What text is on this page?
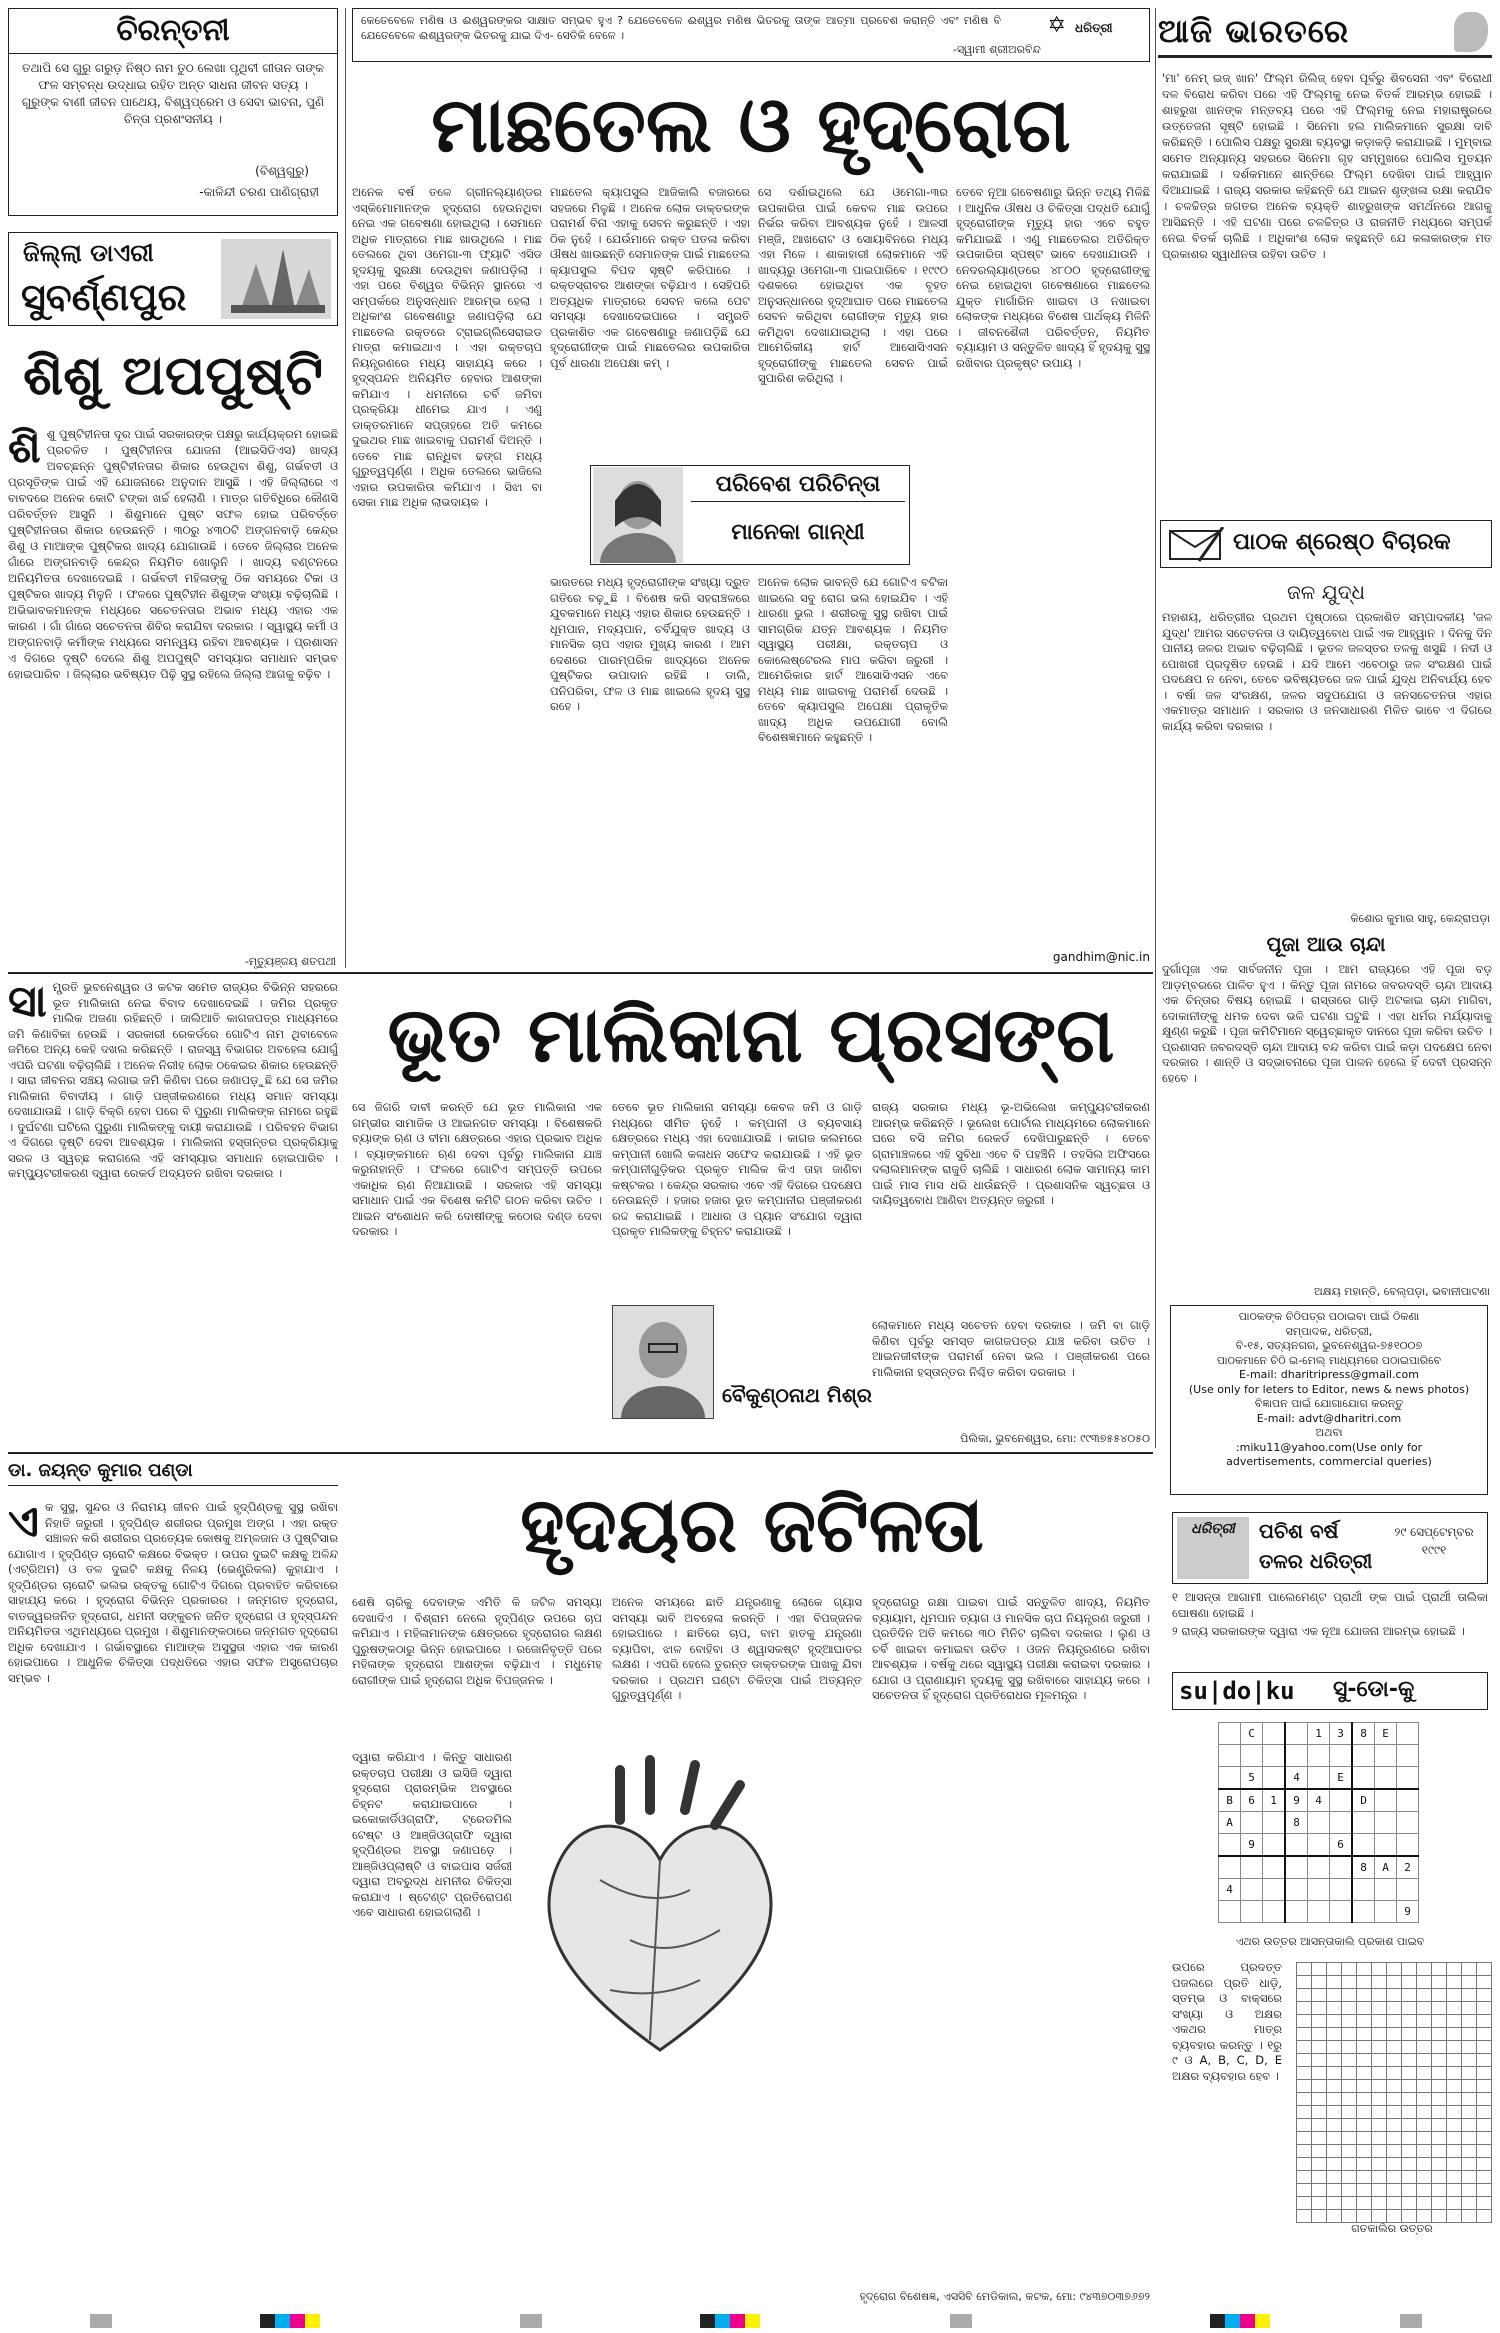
ଚିରନ୍ତନୀ
ତଥାପି ସେ ଗୁରୁ ଗରୁଡ଼ ନିଷ୍ଠ ନାମ ତୁଠ ଲେଖା ପୃଥିବୀ ଗୀତାନ ତାଙ୍କ ଫଳ ସମ୍ବନ୍ଧ ଉଦ୍ଧାଇ ରହିତ ଅନ୍ତ ସାଧନା ଜୀବନ ସତ୍ୟ । ଗୁରୁଙ୍କ ବାଣୀ ଜୀବନ ପାଥେୟ, ବିଶ୍ୱପ୍ରେମ ଓ ସେବା ଭାବନା, ପୁଣି ଚିନ୍ତା ପ୍ରଶଂସନୀୟ ।
(ବିଶ୍ୱଗୁରୁ)
-କାଳିନ୍ଦୀ ଚରଣ ପାଣିଗ୍ରାହୀ
କେତେବେଳେ ମଣିଷ ଓ ଈଶ୍ୱରଙ୍କର ସାକ୍ଷାତ ସମ୍ଭବ ହୁଏ ? ଯେତେବେଳେ ଈଶ୍ୱର ମଣିଷ ଭିତରକୁ ତାଙ୍କ ଆତ୍ମା ପ୍ରବେଶ କରାନ୍ତି ଏବଂ ମଣିଷ ବି ଯେତେବେଳେ ଈଶ୍ୱରଙ୍କ ଭିତରକୁ ଯାଇ ଦିଏ- ସେତିକି ବେଳେ ।
-ସ୍ୱାମୀ ଶ୍ରୀଅରବିନ୍ଦ
✡ ଧରିତ୍ରୀ	ଆଜି ଭାରତରେ
'ମା' ନେମ୍ ଇଜ୍ ଖାନ' ଫିଲ୍ମ ରିଲିଜ୍ ହେବା ପୂର୍ବରୁ ଶିବସେନା ଏବଂ ବିରୋଧୀ ଦଳ ବିରୋଧ କରିବା ପରେ ଏହି ଫିଲ୍ମକୁ ନେଇ ବିତର୍କ ଆରମ୍ଭ ହୋଇଛି । ଶାହରୁଖ ଖାନଙ୍କ ମନ୍ତବ୍ୟ ପରେ ଏହି ଫିଲ୍ମକୁ ନେଇ ମହାରାଷ୍ଟ୍ରରେ ଉତ୍ତେଜନା ସୃଷ୍ଟି ହୋଇଛି । ସିନେମା ହଲ ମାଲିକମାନେ ସୁରକ୍ଷା ଦାବି କରିଛନ୍ତି । ପୋଲିସ ପକ୍ଷରୁ ସୁରକ୍ଷା ବ୍ୟବସ୍ଥା କଡ଼ାକଡ଼ି କରାଯାଇଛି । ମୁମ୍ବାଇ ସମେତ ଅନ୍ୟାନ୍ୟ ସହରରେ ସିନେମା ଗୃହ ସମ୍ମୁଖରେ ପୋଲିସ ମୁତୟନ କରାଯାଇଛି । ଦର୍ଶକମାନେ ଶାନ୍ତିରେ ଫିଲ୍ମ ଦେଖିବା ପାଇଁ ଆହ୍ୱାନ ଦିଆଯାଇଛି । ରାଜ୍ୟ ସରକାର କହିଛନ୍ତି ଯେ ଆଇନ ଶୃଙ୍ଖଳା ରକ୍ଷା କରାଯିବ । ଚଳଚ୍ଚିତ୍ର ଜଗତର ଅନେକ ବ୍ୟକ୍ତି ଶାହରୁଖଙ୍କ ସମର୍ଥନରେ ଆଗକୁ ଆସିଛନ୍ତି । ଏହି ଘଟଣା ପରେ ଚଳଚ୍ଚିତ୍ର ଓ ରାଜନୀତି ମଧ୍ୟରେ ସମ୍ପର୍କ ନେଇ ବିତର୍କ ଚାଲିଛି । ଅଧିକାଂଶ ଲୋକ କହୁଛନ୍ତି ଯେ କଳାକାରଙ୍କ ମତ ପ୍ରକାଶର ସ୍ୱାଧୀନତା ରହିବା ଉଚିତ ।
ଜିଲ୍ଲା ଡାଏରୀ
ସୁବର୍ଣ୍ଣପୁର
ଶିଶୁ ଅପପୁଷ୍ଟି
ଶିଶୁ ପୁଷ୍ଟିହୀନତା ଦୂର ପାଇଁ ସରକାରଙ୍କ ପକ୍ଷରୁ କାର୍ଯ୍ୟକ୍ରମ ହୋଇଛି ପ୍ରଚଳିତ । ପୁଷ୍ଟିହୀନତା ଯୋଜନା (ଆଇସିଡିଏସ) ଖାଦ୍ୟ ଅବଚ୍ଛନ୍ନ ପୁଷ୍ଟିହୀନତାର ଶିକାର ହେଉଥିବା ଶିଶୁ, ଗର୍ଭବତୀ ଓ ପ୍ରସୂତିଙ୍କ ପାଇଁ ଏହି ଯୋଜନାରେ ଅନୁଦାନ ଆସୁଛି । ଏହି ଜିଲ୍ଲାରେ ଏ ବାବଦରେ ଅନେକ କୋଟି ଟଙ୍କା ଖର୍ଚ୍ଚ ହେଲାଣି । ମାତ୍ର ଗତିବିଧିରେ କୌଣସି ପରିବର୍ତ୍ତନ ଆସୁନି । ଶିଶୁମାନେ ପୁଷ୍ଟ ସଫଳ ହୋଇ ପରିବର୍ତ୍ତେ ପୁଷ୍ଟିହୀନତାର ଶିକାର ହେଉଛନ୍ତି । ୩୦ରୁ ୪୩୦ଟି ଅଙ୍ଗନବାଡ଼ି କେନ୍ଦ୍ର ଶିଶୁ ଓ ମାଆଙ୍କ ପୁଷ୍ଟିକର ଖାଦ୍ୟ ଯୋଗାଉଛି । ତେବେ ଜିଲ୍ଲାର ଅନେକ ଗାଁରେ ଅଙ୍ଗନବାଡ଼ି କେନ୍ଦ୍ର ନିୟମିତ ଖୋଲୁନି । ଖାଦ୍ୟ ବଣ୍ଟନରେ ଅନିୟମିତତା ଦେଖାଦେଇଛି । ଗର୍ଭବତୀ ମହିଳାଙ୍କୁ ଠିକ ସମୟରେ ଟିକା ଓ ପୁଷ୍ଟିକର ଖାଦ୍ୟ ମିଳୁନି । ଫଳରେ ପୁଷ୍ଟିହୀନ ଶିଶୁଙ୍କ ସଂଖ୍ୟା ବଢ଼ିଚାଲିଛି । ଅଭିଭାବକମାନଙ୍କ ମଧ୍ୟରେ ସଚେତନତାର ଅଭାବ ମଧ୍ୟ ଏହାର ଏକ କାରଣ । ଗାଁ ଗାଁରେ ସଚେତନତା ଶିବିର କରାଯିବା ଦରକାର । ସ୍ୱାସ୍ଥ୍ୟ କର୍ମୀ ଓ ଅଙ୍ଗନବାଡ଼ି କର୍ମୀଙ୍କ ମଧ୍ୟରେ ସମନ୍ୱୟ ରହିବା ଆବଶ୍ୟକ । ପ୍ରଶାସନ ଏ ଦିଗରେ ଦୃଷ୍ଟି ଦେଲେ ଶିଶୁ ଅପପୁଷ୍ଟି ସମସ୍ୟାର ସମାଧାନ ସମ୍ଭବ ହୋଇପାରିବ । ଜିଲ୍ଲାର ଭବିଷ୍ୟତ ପିଢ଼ି ସୁସ୍ଥ ରହିଲେ ଜିଲ୍ଲା ଆଗକୁ ବଢ଼ିବ ।
-ମୃତ୍ୟୁଞ୍ଜୟ ଶତପଥୀ
ମାଛତେଲ ଓ ହୃଦ୍‌ରୋଗ
ଅନେକ ବର୍ଷ ତଳେ ଗ୍ରୀନଲ୍ୟାଣ୍ଡର ଏସ୍କିମୋମାନଙ୍କ ହୃଦ୍‌ରୋଗ ହେଉନଥିବା ନେଇ ଏକ ଗବେଷଣା ହୋଇଥିଲା । ସେମାନେ ଅଧିକ ମାତ୍ରାରେ ମାଛ ଖାଉଥିଲେ । ମାଛ ତେଲରେ ଥିବା ଓମେଗା-୩ ଫ୍ୟାଟି ଏସିଡ ହୃଦୟକୁ ସୁରକ୍ଷା ଦେଉଥିବା ଜଣାପଡ଼ିଲା । ଏହା ପରେ ବିଶ୍ୱର ବିଭିନ୍ନ ସ୍ଥାନରେ ଏ ସମ୍ପର୍କରେ ଅନୁସନ୍ଧାନ ଆରମ୍ଭ ହେଲା । ଅଧିକାଂଶ ଗବେଷଣାରୁ ଜଣାପଡ଼ିଲା ଯେ ମାଛତେଲ ରକ୍ତରେ ଟ୍ରାଇଗ୍ଲିସେରାଇଡ ମାତ୍ରା କମାଇଥାଏ । ଏହା ରକ୍ତଚାପ ନିୟନ୍ତ୍ରଣରେ ମଧ୍ୟ ସାହାଯ୍ୟ କରେ । ହୃଦ୍‌ସ୍ପନ୍ଦନ ଅନିୟମିତ ହେବାର ଆଶଙ୍କା କମିଯାଏ । ଧମନୀରେ ଚର୍ବି ଜମିବା ପ୍ରକ୍ରିୟା ଧୀମେଇ ଯାଏ । ଏଣୁ ଡାକ୍ତରମାନେ ସପ୍ତାହରେ ଅତି କମରେ ଦୁଇଥର ମାଛ ଖାଇବାକୁ ପରାମର୍ଶ ଦିଅନ୍ତି । ତେବେ ମାଛ ରାନ୍ଧିବା ଢଙ୍ଗ ମଧ୍ୟ ଗୁରୁତ୍ୱପୂର୍ଣ୍ଣ । ଅଧିକ ତେଲରେ ଭାଜିଲେ ଏହାର ଉପକାରିତା କମିଯାଏ । ସିଝା ବା ସେକା ମାଛ ଅଧିକ ଲାଭଦାୟକ ।
ମାଛତେଲ କ୍ୟାପସୁଲ ଆଜିକାଲି ବଜାରରେ ସହଜରେ ମିଳୁଛି । ଅନେକ ଲୋକ ଡାକ୍ତରଙ୍କ ପରାମର୍ଶ ବିନା ଏହାକୁ ସେବନ କରୁଛନ୍ତି । ଏହା ଠିକ ନୁହେଁ । ଯେଉଁମାନେ ରକ୍ତ ପତଳା କରିବା ଔଷଧ ଖାଉଛନ୍ତି ସେମାନଙ୍କ ପାଇଁ ମାଛତେଲ କ୍ୟାପସୁଲ ବିପଦ ସୃଷ୍ଟି କରିପାରେ । ରକ୍ତସ୍ରାବର ଆଶଙ୍କା ବଢ଼ିଯାଏ । ସେହିପରି ଅତ୍ୟଧିକ ମାତ୍ରାରେ ସେବନ କଲେ ପେଟ ସମସ୍ୟା ଦେଖାଦେଇପାରେ । ସମ୍ପ୍ରତି ପ୍ରକାଶିତ ଏକ ଗବେଷଣାରୁ ଜଣାପଡ଼ିଛି ଯେ ହୃଦ୍‌ରୋଗୀଙ୍କ ପାଇଁ ମାଛତେଲର ଉପକାରିତା ପୂର୍ବ ଧାରଣା ଅପେକ୍ଷା କମ୍ ।
ସେ ଦର୍ଶାଇଥିଲେ ଯେ ଓମେଗା-୩ର ଉପକାରିତା ପାଇଁ କେବଳ ମାଛ ଉପରେ ନିର୍ଭର କରିବା ଆବଶ୍ୟକ ନୁହେଁ । ଆଳସୀ ମଞ୍ଜି, ଆଖରୋଟ ଓ ସୋୟାବିନରେ ମଧ୍ୟ ଏହା ମିଳେ । ଶାକାହାରୀ ଲୋକମାନେ ଏହି ଖାଦ୍ୟରୁ ଓମେଗା-୩ ପାଇପାରିବେ । ୧୯୯୦ ଦଶକରେ ହୋଇଥିବା ଏକ ବୃହତ ଅନୁସନ୍ଧାନରେ ହୃଦ୍‌ଆଘାତ ପରେ ମାଛତେଲ ସେବନ କରିଥିବା ରୋଗୀଙ୍କ ମୃତ୍ୟୁ ହାର କମିଥିବା ଦେଖାଯାଇଥିଲା । ଏହା ପରେ ଆମେରିକୀୟ ହାର୍ଟ ଆସୋସିଏସନ ହୃଦ୍‌ରୋଗୀଙ୍କୁ ମାଛତେଲ ସେବନ ପାଇଁ ସୁପାରିଶ କରିଥିଲା ।
ତେବେ ନୂଆ ଗବେଷଣାରୁ ଭିନ୍ନ ତଥ୍ୟ ମିଳିଛି । ଆଧୁନିକ ଔଷଧ ଓ ଚିକିତ୍ସା ପଦ୍ଧତି ଯୋଗୁଁ ହୃଦ୍‌ରୋଗୀଙ୍କ ମୃତ୍ୟୁ ହାର ଏବେ ବହୁତ କମିଯାଇଛି । ଏଣୁ ମାଛତେଲର ଅତିରିକ୍ତ ଉପକାରିତା ସ୍ପଷ୍ଟ ଭାବେ ଦେଖାଯାଉନି । ନେଦରଲ୍ୟାଣ୍ଡରେ ୪୮୦୦ ହୃଦ୍‌ରୋଗୀଙ୍କୁ ନେଇ ହୋଇଥିବା ଗବେଷଣାରେ ମାଛତେଲ ଯୁକ୍ତ ମାର୍ଗାରିନ ଖାଇବା ଓ ନଖାଇବା ଲୋକଙ୍କ ମଧ୍ୟରେ ବିଶେଷ ପାର୍ଥକ୍ୟ ମିଳିନି । ଜୀବନଶୈଳୀ ପରିବର୍ତ୍ତନ, ନିୟମିତ ବ୍ୟାୟାମ ଓ ସନ୍ତୁଳିତ ଖାଦ୍ୟ ହିଁ ହୃଦୟକୁ ସୁସ୍ଥ ରଖିବାର ପ୍ରକୃଷ୍ଟ ଉପାୟ ।
ପରିବେଶ ପରିଚିନ୍ତା
ମାନେକା ଗାନ୍ଧୀ
ଭାରତରେ ମଧ୍ୟ ହୃଦ୍‌ରୋଗୀଙ୍କ ସଂଖ୍ୟା ଦ୍ରୁତ ଗତିରେ ବଢ଼ୁଛି । ବିଶେଷ କରି ସହରାଞ୍ଚଳରେ ଯୁବକମାନେ ମଧ୍ୟ ଏହାର ଶିକାର ହେଉଛନ୍ତି । ଧୂମପାନ, ମଦ୍ୟପାନ, ଚର୍ବିଯୁକ୍ତ ଖାଦ୍ୟ ଓ ମାନସିକ ଚାପ ଏହାର ମୁଖ୍ୟ କାରଣ । ଆମ ଦେଶରେ ପାରମ୍ପରିକ ଖାଦ୍ୟରେ ଅନେକ ପୁଷ୍ଟିକର ଉପାଦାନ ରହିଛି । ଡାଲି, ପନିପରିବା, ଫଳ ଓ ମାଛ ଖାଇଲେ ହୃଦୟ ସୁସ୍ଥ ରହେ ।
ଅନେକ ଲୋକ ଭାବନ୍ତି ଯେ ଗୋଟିଏ ବଟିକା ଖାଇଲେ ସବୁ ରୋଗ ଭଲ ହୋଇଯିବ । ଏହି ଧାରଣା ଭୁଲ । ଶରୀରକୁ ସୁସ୍ଥ ରଖିବା ପାଇଁ ସାମଗ୍ରିକ ଯତ୍ନ ଆବଶ୍ୟକ । ନିୟମିତ ସ୍ୱାସ୍ଥ୍ୟ ପରୀକ୍ଷା, ରକ୍ତଚାପ ଓ କୋଲେଷ୍ଟେରଲ ମାପ କରିବା ଜରୁରୀ । ଆମେରିକାର ହାର୍ଟ ଆସୋସିଏସନ ଏବେ ମଧ୍ୟ ମାଛ ଖାଇବାକୁ ପରାମର୍ଶ ଦେଉଛି । ତେବେ କ୍ୟାପସୁଲ ଅପେକ୍ଷା ପ୍ରାକୃତିକ ଖାଦ୍ୟ ଅଧିକ ଉପଯୋଗୀ ବୋଲି ବିଶେଷଜ୍ଞମାନେ କହୁଛନ୍ତି ।
gandhim@nic.in
ପାଠକ ଶ୍ରେଷ୍ଠ ବିଚାରକ
ଜଳ ଯୁଦ୍ଧ
ମହାଶୟ, ଧରିତ୍ରୀର ପ୍ରଥମ ପୃଷ୍ଠାରେ ପ୍ରକାଶିତ ସମ୍ପାଦକୀୟ 'ଜଳ ଯୁଦ୍ଧ' ଆମର ସଚେତନତା ଓ ଦାୟିତ୍ୱବୋଧ ପାଇଁ ଏକ ଆହ୍ୱାନ । ଦିନକୁ ଦିନ ପାନୀୟ ଜଳର ଅଭାବ ବଢ଼ିଚାଲିଛି । ଭୂତଳ ଜଳସ୍ତର ତଳକୁ ଖସୁଛି । ନଦୀ ଓ ପୋଖରୀ ପ୍ରଦୂଷିତ ହେଉଛି । ଯଦି ଆମେ ଏବେଠାରୁ ଜଳ ସଂରକ୍ଷଣ ପାଇଁ ପଦକ୍ଷେପ ନ ନେବା, ତେବେ ଭବିଷ୍ୟତରେ ଜଳ ପାଇଁ ଯୁଦ୍ଧ ଅନିବାର୍ଯ୍ୟ ହେବ । ବର୍ଷା ଜଳ ସଂରକ୍ଷଣ, ଜଳର ସଦୁପଯୋଗ ଓ ଜନସଚେତନତା ଏହାର ଏକମାତ୍ର ସମାଧାନ । ସରକାର ଓ ଜନସାଧାରଣ ମିଳିତ ଭାବେ ଏ ଦିଗରେ କାର୍ଯ୍ୟ କରିବା ଦରକାର ।
କିଶୋର କୁମାର ସାହୁ, କେନ୍ଦ୍ରାପଡ଼ା
ପୂଜା ଆଉ ଚାନ୍ଦା
ଦୁର୍ଗାପୂଜା ଏକ ସାର୍ବଜନୀନ ପୂଜା । ଆମ ରାଜ୍ୟରେ ଏହି ପୂଜା ବଡ଼ ଆଡ଼ମ୍ବରରେ ପାଳିତ ହୁଏ । କିନ୍ତୁ ପୂଜା ନାମରେ ଜବରଦସ୍ତି ଚାନ୍ଦା ଆଦାୟ ଏକ ଚିନ୍ତାର ବିଷୟ ହୋଇଛି । ରାସ୍ତାରେ ଗାଡ଼ି ଅଟକାଇ ଚାନ୍ଦା ମାଗିବା, ଦୋକାନୀଙ୍କୁ ଧମକ ଦେବା ଭଳି ଘଟଣା ଘଟୁଛି । ଏହା ଧର୍ମର ମର୍ଯ୍ୟାଦାକୁ କ୍ଷୁଣ୍ଣ କରୁଛି । ପୂଜା କମିଟିମାନେ ସ୍ୱେଚ୍ଛାକୃତ ଦାନରେ ପୂଜା କରିବା ଉଚିତ । ପ୍ରଶାସନ ଜବରଦସ୍ତି ଚାନ୍ଦା ଆଦାୟ ବନ୍ଦ କରିବା ପାଇଁ କଡ଼ା ପଦକ୍ଷେପ ନେବା ଦରକାର । ଶାନ୍ତି ଓ ସଦ୍ଭାବନାରେ ପୂଜା ପାଳନ ହେଲେ ହିଁ ଦେବୀ ପ୍ରସନ୍ନ ହେବେ ।
ଅକ୍ଷୟ ମହାନ୍ତି, ବେଲ୍‌ପଡ଼ା, ଭବାନୀପାଟଣା
ପାଠକଙ୍କ ଚିଠିପତ୍ର ପଠାଇବା ପାଇଁ ଠିକଣା
ସମ୍ପାଦକ, ଧରିତ୍ରୀ,
ବି-୧୫, ସତ୍ୟନଗର, ଭୁବନେଶ୍ୱର-୭୫୧୦୦୭
ପାଠକମାନେ ଚିଠି ଇ-ମେଲ୍ ମାଧ୍ୟମରେ ପଠାଇପାରିବେ
E-mail: dharitripress@gmail.com
(Use only for leters to Editor, news & news photos)
ବିଜ୍ଞାପନ ପାଇଁ ଯୋଗାଯୋଗ କରନ୍ତୁ
E-mail: advt@dharitri.com
ଅଥବା
:miku11@yahoo.com(Use only for
advertisements, commercial queries)
ଧରିତ୍ରୀ	ପଚିଶ ବର୍ଷ
ତଳର ଧରିତ୍ରୀ
୨୯ ସେପ୍ଟେମ୍ବର ୧୯୯୧
୧ ଆସନ୍ତା ଆଗାମୀ ପାଲେମେଣ୍ଟ ପ୍ରାର୍ଥୀ ଙ୍କ ପାଇଁ ପ୍ରାର୍ଥୀ ତାଲିକା ଘୋଷଣା ହୋଇଛି ।
୨ ରାଜ୍ୟ ସରକାରଙ୍କ ଦ୍ୱାରା ଏକ ନୂଆ ଯୋଜନା ଆରମ୍ଭ ହୋଇଛି ।
su|do|ku ସୁ-ଡୋ-କୁ
	C			1	3	8	E	

	5		4		E			
B	6	1	9	4		D		
A			8					
	9				6			
						8	A	2
4								
								9
ଏଥର ଉତ୍ତର ଆସନ୍ତାକାଲି ପ୍ରକାଶ ପାଇବ
ଉପରେ ପ୍ରଦତ୍ତ ପଜଲରେ ପ୍ରତି ଧାଡ଼ି, ସ୍ତମ୍ଭ ଓ ବାକ୍ସରେ ସଂଖ୍ୟା ଓ ଅକ୍ଷର ଏକଥର ମାତ୍ର ବ୍ୟବହାର କରନ୍ତୁ । ୧ରୁ ୯ ଓ A, B, C, D, E ଅକ୍ଷର ବ୍ୟବହାର ହେବ ।

ଗତକାଲିର ଉତ୍ତର
ସାମ୍ପ୍ରତି ଭୁବନେଶ୍ୱର ଓ କଟକ ସମେତ ରାଜ୍ୟର ବିଭିନ୍ନ ସହରରେ ଭୂତ ମାଲିକାନା ନେଇ ବିବାଦ ଦେଖାଦେଇଛି । ଜମିର ପ୍ରକୃତ ମାଲିକ ଅଜଣା ରହିଛନ୍ତି । ଜାଲିଆତି କାଗଜପତ୍ର ମାଧ୍ୟମରେ ଜମି କିଣାବିକା ହେଉଛି । ସରକାରୀ ରେକର୍ଡରେ ଗୋଟିଏ ନାମ ଥିବାବେଳେ ଜମିରେ ଅନ୍ୟ କେହି ଦଖଲ କରିଛନ୍ତି । ରାଜସ୍ୱ ବିଭାଗର ଅବହେଳା ଯୋଗୁଁ ଏପରି ଘଟଣା ବଢ଼ିଚାଲିଛି । ଅନେକ ନିରୀହ ଲୋକ ଠକେଇର ଶିକାର ହେଉଛନ୍ତି । ସାରା ଜୀବନର ସଞ୍ଚୟ ଲଗାଇ ଜମି କିଣିବା ପରେ ଜଣାପଡ଼ୁଛି ଯେ ସେ ଜମିର ମାଲିକାନା ବିବାଦୀୟ । ଗାଡ଼ି ପଞ୍ଜୀକରଣରେ ମଧ୍ୟ ସମାନ ସମସ୍ୟା ଦେଖାଯାଉଛି । ଗାଡ଼ି ବିକ୍ରି ହେବା ପରେ ବି ପୁରୁଣା ମାଲିକଙ୍କ ନାମରେ ରହୁଛି । ଦୁର୍ଘଟଣା ଘଟିଲେ ପୁରୁଣା ମାଲିକଙ୍କୁ ଦାୟୀ କରାଯାଉଛି । ପରିବହନ ବିଭାଗ ଏ ଦିଗରେ ଦୃଷ୍ଟି ଦେବା ଆବଶ୍ୟକ । ମାଲିକାନା ହସ୍ତାନ୍ତର ପ୍ରକ୍ରିୟାକୁ ସରଳ ଓ ସ୍ୱଚ୍ଛ କରାଗଲେ ଏହି ସମସ୍ୟାର ସମାଧାନ ହୋଇପାରିବ । କମ୍ପ୍ୟୁଟରୀକରଣ ଦ୍ୱାରା ରେକର୍ଡ ଅଦ୍ୟତନ ରଖିବା ଦରକାର ।
ଭୂତ ମାଲିକାନା ପ୍ରସଙ୍ଗ
ସେ ଜିଗରି ଦାବୀ କରନ୍ତି ଯେ ଭୂତ ମାଲିକାନା ଏକ ଗମ୍ଭୀର ସାମାଜିକ ଓ ଆଇନଗତ ସମସ୍ୟା । ବିଶେଷକରି ବ୍ୟାଙ୍କ ଋଣ ଓ ବୀମା କ୍ଷେତ୍ରରେ ଏହାର ପ୍ରଭାବ ଅଧିକ । ବ୍ୟାଙ୍କମାନେ ଋଣ ଦେବା ପୂର୍ବରୁ ମାଲିକାନା ଯାଞ୍ଚ କରୁନାହାନ୍ତି । ଫଳରେ ଗୋଟିଏ ସମ୍ପତ୍ତି ଉପରେ ଏକାଧିକ ଋଣ ନିଆଯାଉଛି । ସରକାର ଏହି ସମସ୍ୟା ସମାଧାନ ପାଇଁ ଏକ ବିଶେଷ କମିଟି ଗଠନ କରିବା ଉଚିତ । ଆଇନ ସଂଶୋଧନ କରି ଦୋଷୀଙ୍କୁ କଠୋର ଦଣ୍ଡ ଦେବା ଦରକାର ।
ତେବେ ଭୂତ ମାଲିକାନା ସମସ୍ୟା କେବଳ ଜମି ଓ ଗାଡ଼ି ମଧ୍ୟରେ ସୀମିତ ନୁହେଁ । କମ୍ପାନୀ ଓ ବ୍ୟବସାୟ କ୍ଷେତ୍ରରେ ମଧ୍ୟ ଏହା ଦେଖାଯାଉଛି । କାଗଜ କଲମରେ କମ୍ପାନୀ ଖୋଲି କଳାଧନ ସଫେଦ କରାଯାଉଛି । ଏହି ଭୂତ କମ୍ପାନୀଗୁଡ଼ିକର ପ୍ରକୃତ ମାଲିକ କିଏ ତାହା ଜାଣିବା କଷ୍ଟକର । କେନ୍ଦ୍ର ସରକାର ଏବେ ଏହି ଦିଗରେ ପଦକ୍ଷେପ ନେଉଛନ୍ତି । ହଜାର ହଜାର ଭୂତ କମ୍ପାନୀର ପଞ୍ଜୀକରଣ ରଦ୍ଦ କରାଯାଇଛି । ଆଧାର ଓ ପ୍ୟାନ ସଂଯୋଗ ଦ୍ୱାରା ପ୍ରକୃତ ମାଲିକଙ୍କୁ ଚିହ୍ନଟ କରାଯାଉଛି ।
ରାଜ୍ୟ ସରକାର ମଧ୍ୟ ଭୂ-ଅଭିଲେଖ କମ୍ପ୍ୟୁଟରୀକରଣ ଆରମ୍ଭ କରିଛନ୍ତି । ଭୂଲେଖ ପୋର୍ଟାଲ ମାଧ୍ୟମରେ ଲୋକମାନେ ଘରେ ବସି ଜମିର ରେକର୍ଡ ଦେଖିପାରୁଛନ୍ତି । ତେବେ ଗ୍ରାମାଞ୍ଚଳରେ ଏହି ସୁବିଧା ଏବେ ବି ପହଞ୍ଚିନି । ତହସିଲ ଅଫିସରେ ଦଲାଲମାନଙ୍କ ରାଜୁତି ଚାଲିଛି । ସାଧାରଣ ଲୋକ ସାମାନ୍ୟ କାମ ପାଇଁ ମାସ ମାସ ଧରି ଧାଉଁଛନ୍ତି । ପ୍ରଶାସନିକ ସ୍ୱଚ୍ଛତା ଓ ଦାୟିତ୍ୱବୋଧ ଆଣିବା ଅତ୍ୟନ୍ତ ଜରୁରୀ ।
ବୈକୁଣ୍ଠନାଥ ମିଶ୍ର
ଲୋକମାନେ ମଧ୍ୟ ସଚେତନ ହେବା ଦରକାର । ଜମି ବା ଗାଡ଼ି କିଣିବା ପୂର୍ବରୁ ସମସ୍ତ କାଗଜପତ୍ର ଯାଞ୍ଚ କରିବା ଉଚିତ । ଆଇନଜୀବୀଙ୍କ ପରାମର୍ଶ ନେବା ଭଲ । ପଞ୍ଜୀକରଣ ପରେ ମାଲିକାନା ହସ୍ତାନ୍ତର ନିଶ୍ଚିତ କରିବା ଦରକାର ।
ପିଲିକା, ଭୁବନେଶ୍ୱର, ମୋ: ୯୯୩୭୫୫୪୦୫୦
ଡା. ଜୟନ୍ତ କୁମାର ପଣ୍ଡା
ଏକ ସୁସ୍ଥ, ସୁନ୍ଦର ଓ ନିରାମୟ ଜୀବନ ପାଇଁ ହୃଦ୍‌ପିଣ୍ଡକୁ ସୁସ୍ଥ ରଖିବା ନିହାତି ଜରୁରୀ । ହୃଦ୍‌ପିଣ୍ଡ ଶରୀରର ପ୍ରମୁଖ ଅଙ୍ଗ । ଏହା ରକ୍ତ ସଞ୍ଚାଳନ କରି ଶରୀରର ପ୍ରତ୍ୟେକ କୋଷକୁ ଅମ୍ଳଜାନ ଓ ପୁଷ୍ଟିସାର ଯୋଗାଏ । ହୃଦ୍‌ପିଣ୍ଡ ଚାରୋଟି କକ୍ଷରେ ବିଭକ୍ତ । ଉପର ଦୁଇଟି କକ୍ଷକୁ ଅଳିନ୍ଦ (ଏଟ୍ରିଅମ) ଓ ତଳ ଦୁଇଟି କକ୍ଷକୁ ନିଳୟ (ଭେଣ୍ଟ୍ରିକଲ) କୁହାଯାଏ । ହୃଦ୍‌ପିଣ୍ଡର ଚାରୋଟି ଭଲଭ ରକ୍ତକୁ ଗୋଟିଏ ଦିଗରେ ପ୍ରବାହିତ କରିବାରେ ସାହାଯ୍ୟ କରେ । ହୃଦ୍‌ରୋଗ ବିଭିନ୍ନ ପ୍ରକାରର । ଜନ୍ମଗତ ହୃଦ୍‌ରୋଗ, ବାତଜ୍ୱରଜନିତ ହୃଦ୍‌ରୋଗ, ଧମନୀ ସଙ୍କୁଚନ ଜନିତ ହୃଦ୍‌ରୋଗ ଓ ହୃଦ୍‌ସ୍ପନ୍ଦନ ଅନିୟମିତତା ଏଥିମଧ୍ୟରେ ପ୍ରମୁଖ । ଶିଶୁମାନଙ୍କଠାରେ ଜନ୍ମଗତ ହୃଦ୍‌ରୋଗ ଅଧିକ ଦେଖାଯାଏ । ଗର୍ଭାବସ୍ଥାରେ ମାଆଙ୍କ ଅସୁସ୍ଥତା ଏହାର ଏକ କାରଣ ହୋଇପାରେ । ଆଧୁନିକ ଚିକିତ୍ସା ପଦ୍ଧତିରେ ଏହାର ସଫଳ ଅସ୍ତ୍ରୋପଚାର ସମ୍ଭବ ।
ହୃଦୟର ଜଟିଳତା
ଶେଷି ଚାରିକୁ ଦେବାଙ୍କ ଏମିତି କି ଜଟିଳ ସମସ୍ୟା ଦେଖାଦିଏ । ବିଶ୍ରାମ ନେଲେ ହୃଦ୍‌ପିଣ୍ଡ ଉପରେ ଚାପ କମିଯାଏ । ମହିଳାମାନଙ୍କ କ୍ଷେତ୍ରରେ ହୃଦ୍‌ରୋଗର ଲକ୍ଷଣ ପୁରୁଷଙ୍କଠାରୁ ଭିନ୍ନ ହୋଇପାରେ । ରଜୋନିବୃତ୍ତି ପରେ ମହିଳାଙ୍କ ହୃଦ୍‌ରୋଗ ଆଶଙ୍କା ବଢ଼ିଯାଏ । ମଧୁମେହ ରୋଗୀଙ୍କ ପାଇଁ ହୃଦ୍‌ରୋଗ ଅଧିକ ବିପଜ୍ଜନକ ।
ଅନେକ ସମୟରେ ଛାତି ଯନ୍ତ୍ରଣାକୁ ଲୋକେ ଗ୍ୟାସ ସମସ୍ୟା ଭାବି ଅବହେଳା କରନ୍ତି । ଏହା ବିପଜ୍ଜନକ ହୋଇପାରେ । ଛାତିରେ ଚାପ, ବାମ ହାତକୁ ଯନ୍ତ୍ରଣା ବ୍ୟାପିବା, ଝାଳ ବୋହିବା ଓ ଶ୍ୱାସକଷ୍ଟ ହୃଦ୍‌ଆଘାତର ଲକ୍ଷଣ । ଏପରି ହେଲେ ତୁରନ୍ତ ଡାକ୍ତରଙ୍କ ପାଖକୁ ଯିବା ଦରକାର । ପ୍ରଥମ ଘଣ୍ଟା ଚିକିତ୍ସା ପାଇଁ ଅତ୍ୟନ୍ତ ଗୁରୁତ୍ୱପୂର୍ଣ୍ଣ ।
ଦ୍ୱାରା କରିଯାଏ । କିନ୍ତୁ ସାଧାରଣ ରକ୍ତଚାପ ପରୀକ୍ଷା ଓ ଇସିଜି ଦ୍ୱାରା ହୃଦ୍‌ରୋଗ ପ୍ରାରମ୍ଭିକ ଅବସ୍ଥାରେ ଚିହ୍ନଟ କରାଯାଇପାରେ । ଇକୋକାର୍ଡିଓଗ୍ରାଫି, ଟ୍ରେଡମିଲ ଟେଷ୍ଟ ଓ ଆଞ୍ଜିଓଗ୍ରାଫି ଦ୍ୱାରା ହୃଦ୍‌ପିଣ୍ଡର ଅବସ୍ଥା ଜଣାପଡ଼େ । ଆଞ୍ଜିଓପ୍ଲାଷ୍ଟି ଓ ବାଇପାସ ସର୍ଜରୀ ଦ୍ୱାରା ଅବରୁଦ୍ଧ ଧମନୀର ଚିକିତ୍ସା କରାଯାଏ । ଷ୍ଟେଣ୍ଟ ପ୍ରତିରୋପଣ ଏବେ ସାଧାରଣ ହୋଇଗଲାଣି ।
ହୃଦ୍‌ରୋଗରୁ ରକ୍ଷା ପାଇବା ପାଇଁ ସନ୍ତୁଳିତ ଖାଦ୍ୟ, ନିୟମିତ ବ୍ୟାୟାମ, ଧୂମପାନ ତ୍ୟାଗ ଓ ମାନସିକ ଚାପ ନିୟନ୍ତ୍ରଣ ଜରୁରୀ । ପ୍ରତିଦିନ ଅତି କମରେ ୩୦ ମିନିଟ ଚାଲିବା ଦରକାର । ଲୁଣ ଓ ଚର୍ବି ଖାଇବା କମାଇବା ଉଚିତ । ଓଜନ ନିୟନ୍ତ୍ରଣରେ ରଖିବା ଆବଶ୍ୟକ । ବର୍ଷକୁ ଥରେ ସ୍ୱାସ୍ଥ୍ୟ ପରୀକ୍ଷା କରାଇବା ଦରକାର । ଯୋଗ ଓ ପ୍ରାଣାୟାମ ହୃଦୟକୁ ସୁସ୍ଥ ରଖିବାରେ ସାହାଯ୍ୟ କରେ । ସଚେତନତା ହିଁ ହୃଦ୍‌ରୋଗ ପ୍ରତିରୋଧର ମୂଳମନ୍ତ୍ର ।
ହୃଦ୍‌ରୋଗ ବିଶେଷଜ୍ଞ, ଏସସିବି ମେଡିକାଲ, କଟକ, ମୋ: ୯୪୩୭୦୩୭୬୭୨
